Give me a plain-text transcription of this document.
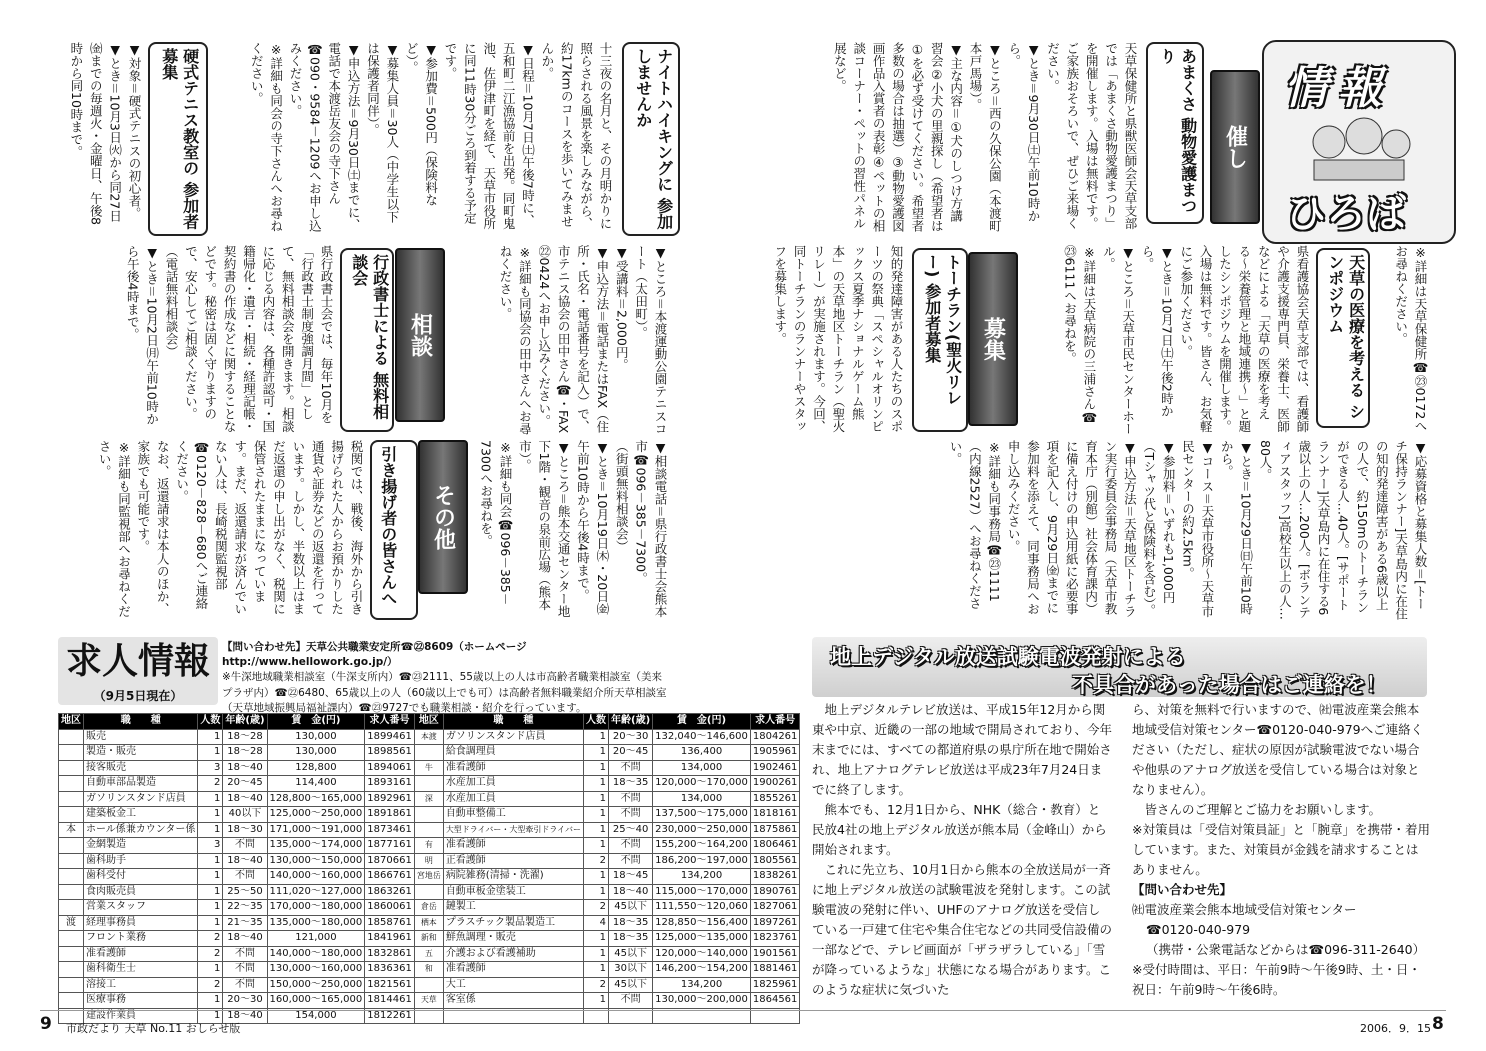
情報
ひろば
催し
募集
相談
その他
あまくさ 動物愛護まつり

天草保健所と県獣医師会天草支部では「あまくさ動物愛護まつり」を開催します。入場は無料です。ご家族おそろいで、ぜひご来場ください。

▼とき＝9月30日㈯午前10時から。

▼ところ＝西の久保公園（本渡町本戸馬場）。

▼主な内容＝①犬のしつけ方講習会②小犬の里親探し（希望者は①を必ず受けてください。希望者多数の場合は抽選）③動物愛護図画作品入賞者の表彰④ペットの相談コーナー・ペットの習性パネル展など。

※詳細は天草保健所☎㉓0172へお尋ねください。

天草の医療を考える シンポジウム

県看護協会天草支部では、看護師や介護支援専門員、栄養士、医師などによる「天草の医療を考える〜栄養管理と地域連携〜」と題したシンポジウムを開催します。入場は無料です。皆さん、お気軽にご参加ください。

▼とき＝10月7日㈯午後2時から。

▼ところ＝天草市民センターホール。

※詳細は天草病院の三浦さん☎㉓6111へお尋ねを。

トーチラン(聖火リレー) 参加者募集

知的発達障害がある人たちのスポーツの祭典「スペシャルオリンピックス夏季ナショナルゲーム熊本」の天草地区トーチラン（聖火リレー）が実施されます。今回、同トーチランのランナーやスタッフを募集します。

▼応募資格と募集人数＝[トーチ保持ランナー]天草島内に在住の知的発達障害がある6歳以上の人で、約150mのトーチランができる人…40人。[サポートランナー]天草島内に在住する6歳以上の人…200人。[ボランティアスタッフ]高校生以上の人…80人。

▼とき＝10月29日㈰午前10時から。

▼コース＝天草市役所〜天草市民センターの約2.5km。

▼参加料＝いずれも1,000円（Tシャツ代と保険料を含む）。

▼申込方法＝天草地区トーチラン実行委員会事務局（天草市教育本庁（別館）社会体育課内）に備え付けの申込用紙に必要事項を記入し、9月29日㈮までに参加料を添えて、同事務局へお申し込みください。

※詳細も同事務局☎㉓1111（内線2527）へお尋ねください。

ナイトハイキングに 参加しませんか

十三夜の名月と、その月明かりに照らされる風景を楽しみながら、約17kmのコースを歩いてみませんか。

▼日程＝10月7日㈯午後7時に、五和町二江漁協前を出発。同町鬼池、佐伊津町を経て、天草市役所に同11時30分ごろ到着する予定です。

▼参加費＝500円（保険料など）。

▼募集人員＝30人（中学生以下は保護者同伴）。

▼申込方法＝9月30日㈯までに、電話で本渡岳友会の寺下さん☎090・9584－1209へお申し込みください。

※詳細も同会の寺下さんへお尋ねください。

硬式テニス教室の 参加者募集

▼対象＝硬式テニスの初心者。

▼とき＝10月3日㈫から同27日㈮までの毎週火・金曜日、午後8時から同10時まで。

▼ところ＝本渡運動公園テニスコート（太田町）。

▼受講料＝2,000円。

▼申込方法＝電話またはFAX（住所・氏名・電話番号を記入）で、市テニス協会の田中さん☎・FAX㉒0424へお申し込みください。

※詳細も同協会の田中さんへお尋ねください。

行政書士による 無料相談会

県行政書士会では、毎年10月を「行政書士制度強調月間」として、無料相談会を開きます。相談に応じる内容は、各種許認可・国籍帰化・遺言・相続・経理記帳・契約書の作成などに関することなどです。秘密は固く守りますので、安心してご相談ください。

（電話無料相談会）

▼とき＝10月2日㈪午前10時から午後4時まで。

▼相談電話＝県行政書士会熊本市☎096－385－7300。

（街頭無料相談会）

▼とき＝10月19日㈭・20日㈮午前10時から午後4時まで。

▼ところ＝熊本交通センター地下1階・観音の泉前広場（熊本市）。

※詳細も同会☎096－385－7300へお尋ねを。

引き揚げ者の皆さんへ

税関では、戦後、海外から引き揚げられた人からお預かりした通貨や証券などの返還を行っています。しかし、半数以上はまだ返還の申し出がなく、税関に保管されたままになっています。まだ、返還請求が済んでいない人は、長崎税関監視部☎0120－828－680へご連絡ください。

なお、返還請求は本人のほか、家族でも可能です。

※詳細も同監視部へお尋ねください。

地上デジタル放送試験電波発射による
不具合があった場合はご連絡を！

　地上デジタルテレビ放送は、平成15年12月から関東や中京、近畿の一部の地域で開局されており、今年末までには、すべての都道府県の県庁所在地で開始され、地上アナログテレビ放送は平成23年7月24日までに終了します。

　熊本でも、12月1日から、NHK（総合・教育）と民放4社の地上デジタル放送が熊本局（金峰山）から開始されます。

　これに先立ち、10月1日から熊本の全放送局が一斉に地上デジタル放送の試験電波を発射します。この試験電波の発射に伴い、UHFのアナログ放送を受信している一戸建て住宅や集合住宅などの共同受信設備の一部などで、テレビ画面が「ザラザラしている」「雪が降っているような」状態になる場合があります。このような症状に気づいた

ら、対策を無料で行いますので、㈳電波産業会熊本地域受信対策センター☎0120-040-979へご連絡ください（ただし、症状の原因が試験電波でない場合や他県のアナログ放送を受信している場合は対象となりません）。

　皆さんのご理解とご協力をお願いします。

※対策員は「受信対策員証」と「腕章」を携帯・着用しています。また、対策員が金銭を請求することはありません。

【問い合わせ先】

㈳電波産業会熊本地域受信対策センター

☎0120-040-979

（携帯・公衆電話などからは☎096-311-2640）

※受付時間は、平日：午前9時〜午後9時、土・日・祝日：午前9時〜午後6時。

求人情報
（9月5日現在）
【問い合わせ先】天草公共職業安定所☎㉒8609（ホームページ http://www.hellowork.go.jp/）
※牛深地域職業相談室（牛深支所内）☎㉓2111、55歳以上の人は市高齢者職業相談室（美来プラザ内）☎㉒6480、65歳以上の人（60歳以上でも可）は高齢者無料職業紹介所天草相談室（天草地域振興局福祉課内）☎㉓9727でも職業相談・紹介を行っています。
地区	職　　種	人数	年齢(歳)	賃　金(円)	求人番号	地区	職　　種	人数	年齢(歳)	賃　金(円)	求人番号
	販売	1	18〜28	130,000	1899461	本渡	ガソリンスタンド店員	1	20〜30	132,040〜146,600	1804261
	製造・販売	1	18〜28	130,000	1898561		給食調理員	1	20〜45	136,400	1905961
	接客販売	3	18〜40	128,800	1894061	牛	准看護師	1	不問	134,000	1902461
	自動車部品製造	2	20〜45	114,400	1893161		水産加工員	1	18〜35	120,000〜170,000	1900261
	ガソリンスタンド店員	1	18〜40	128,800〜165,000	1892961	深	水産加工員	1	不問	134,000	1855261
	建築板金工	1	40以下	125,000〜250,000	1891861		自動車整備工	1	不問	137,500〜175,000	1818161
本	ホール係兼カウンター係	1	18〜30	171,000〜191,000	1873461		大型ドライバー・大型牽引ドライバー	1	25〜40	230,000〜250,000	1875861
	金網製造	3	不問	135,000〜174,000	1877161	有	准看護師	1	不問	155,200〜164,200	1806461
	歯科助手	1	18〜40	130,000〜150,000	1870661	明	正看護師	2	不問	186,200〜197,000	1805561
	歯科受付	1	不問	140,000〜160,000	1866761	宮地岳	病院雑務(清掃・洗濯)	1	18〜45	134,200	1838261
	食肉販売員	1	25〜50	111,020〜127,000	1863261		自動車板金塗装工	1	18〜40	115,000〜170,000	1890761
	営業スタッフ	1	22〜35	170,000〜180,000	1860061	倉岳	鏈製工	2	45以下	111,550〜120,060	1827061
渡	経理事務員	1	21〜35	135,000〜180,000	1858761	栖本	プラスチック製品製造工	4	18〜35	128,850〜156,400	1897261
	フロント業務	2	18〜40	121,000	1841961	新和	鮮魚調理・販売	1	18〜35	125,000〜135,000	1823761
	准看護師	2	不問	140,000〜180,000	1832861	五	介護および看護補助	1	45以下	120,000〜140,000	1901561
	歯科衛生士	1	不問	130,000〜160,000	1836361	和	准看護師	1	30以下	146,200〜154,200	1881461
	溶接工	2	不問	150,000〜250,000	1821561		大工	2	45以下	134,200	1825961
	医療事務	1	20〜30	160,000〜165,000	1814461	天草	客室係	1	不問	130,000〜200,000	1864561
	建設作業員	1	18〜40	154,000	1812261						
9 市政だより 天草 No.11 おしらせ版	2006．9．15 8
